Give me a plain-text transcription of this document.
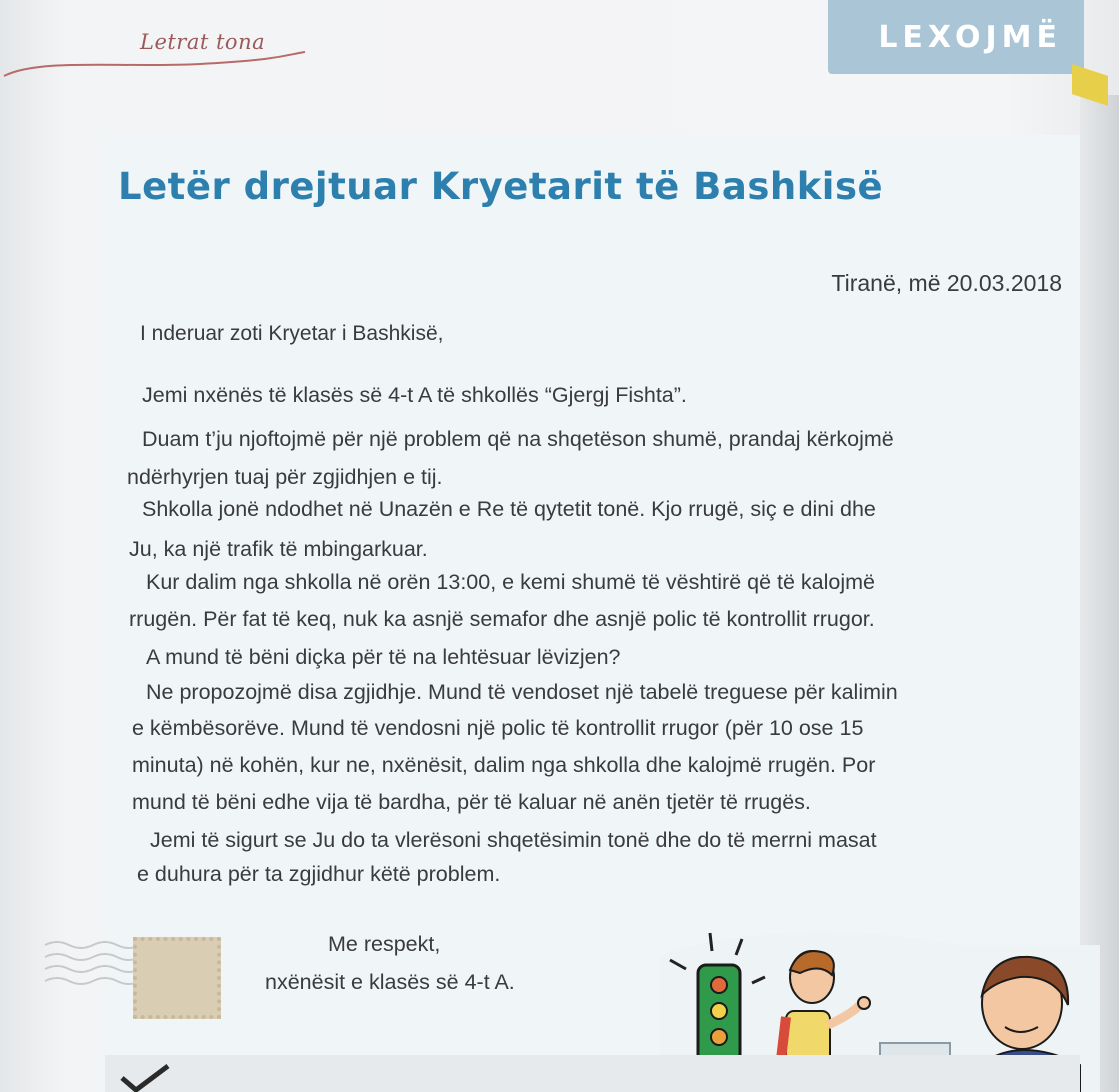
Letrat tona	LEXOJMË
Letër drejtuar Kryetarit të Bashkisë
Tiranë, më 20.03.2018
I nderuar zoti Kryetar i Bashkisë,
Jemi nxënës të klasës së 4-t A të shkollës “Gjergj Fishta”.
Duam t’ju njoftojmë për një problem që na shqetëson shumë, prandaj kërkojmë
ndërhyrjen tuaj për zgjidhjen e tij.
Shkolla jonë ndodhet në Unazën e Re të qytetit tonë. Kjo rrugë, siç e dini dhe
Ju, ka një trafik të mbingarkuar.
Kur dalim nga shkolla në orën 13:00, e kemi shumë të vështirë që të kalojmë
rrugën. Për fat të keq, nuk ka asnjë semafor dhe asnjë polic të kontrollit rrugor.
A mund të bëni diçka për të na lehtësuar lëvizjen?
Ne propozojmë disa zgjidhje. Mund të vendoset një tabelë treguese për kalimin
e këmbësorëve. Mund të vendosni një polic të kontrollit rrugor (për 10 ose 15
minuta) në kohën, kur ne, nxënësit, dalim nga shkolla dhe kalojmë rrugën. Por
mund të bëni edhe vija të bardha, për të kaluar në anën tjetër të rrugës.
Jemi të sigurt se Ju do ta vlerësoni shqetësimin tonë dhe do të merrni masat
e duhura për ta zgjidhur këtë problem.
Me respekt,
nxënësit e klasës së 4-t A.
